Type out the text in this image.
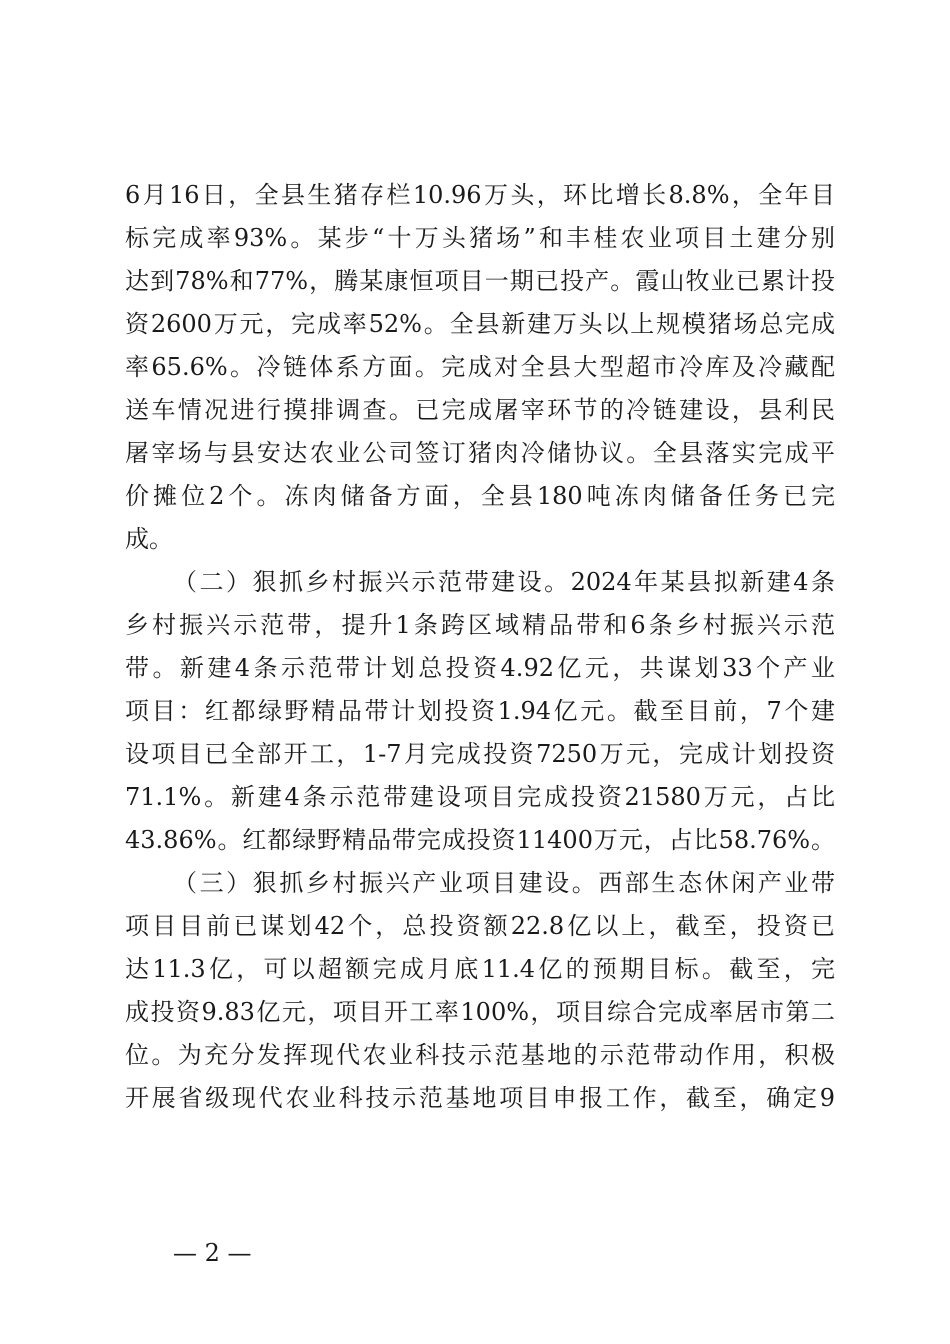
6月16日，全县生猪存栏10.96万头，环比增长8.8%，全年目
标完成率93%。某步“十万头猪场”和丰桂农业项目土建分别
达到78%和77%，腾某康恒项目一期已投产。霞山牧业已累计投
资2600万元，完成率52%。全县新建万头以上规模猪场总完成
率65.6%。冷链体系方面。完成对全县大型超市冷库及冷藏配
送车情况进行摸排调查。已完成屠宰环节的冷链建设，县利民
屠宰场与县安达农业公司签订猪肉冷储协议。全县落实完成平
价摊位2个。冻肉储备方面，全县180吨冻肉储备任务已完
成。
（二）狠抓乡村振兴示范带建设。2024年某县拟新建4条
乡村振兴示范带，提升1条跨区域精品带和6条乡村振兴示范
带。新建4条示范带计划总投资4.92亿元，共谋划33个产业
项目：红都绿野精品带计划投资1.94亿元。截至目前，7个建
设项目已全部开工，1-7月完成投资7250万元，完成计划投资
71.1%。新建4条示范带建设项目完成投资21580万元，占比
43.86%。红都绿野精品带完成投资11400万元，占比58.76%。
（三）狠抓乡村振兴产业项目建设。西部生态休闲产业带
项目目前已谋划42个，总投资额22.8亿以上，截至，投资已
达11.3亿，可以超额完成月底11.4亿的预期目标。截至，完
成投资9.83亿元，项目开工率100%，项目综合完成率居市第二
位。为充分发挥现代农业科技示范基地的示范带动作用，积极
开展省级现代农业科技示范基地项目申报工作，截至，确定9
— 2 —
